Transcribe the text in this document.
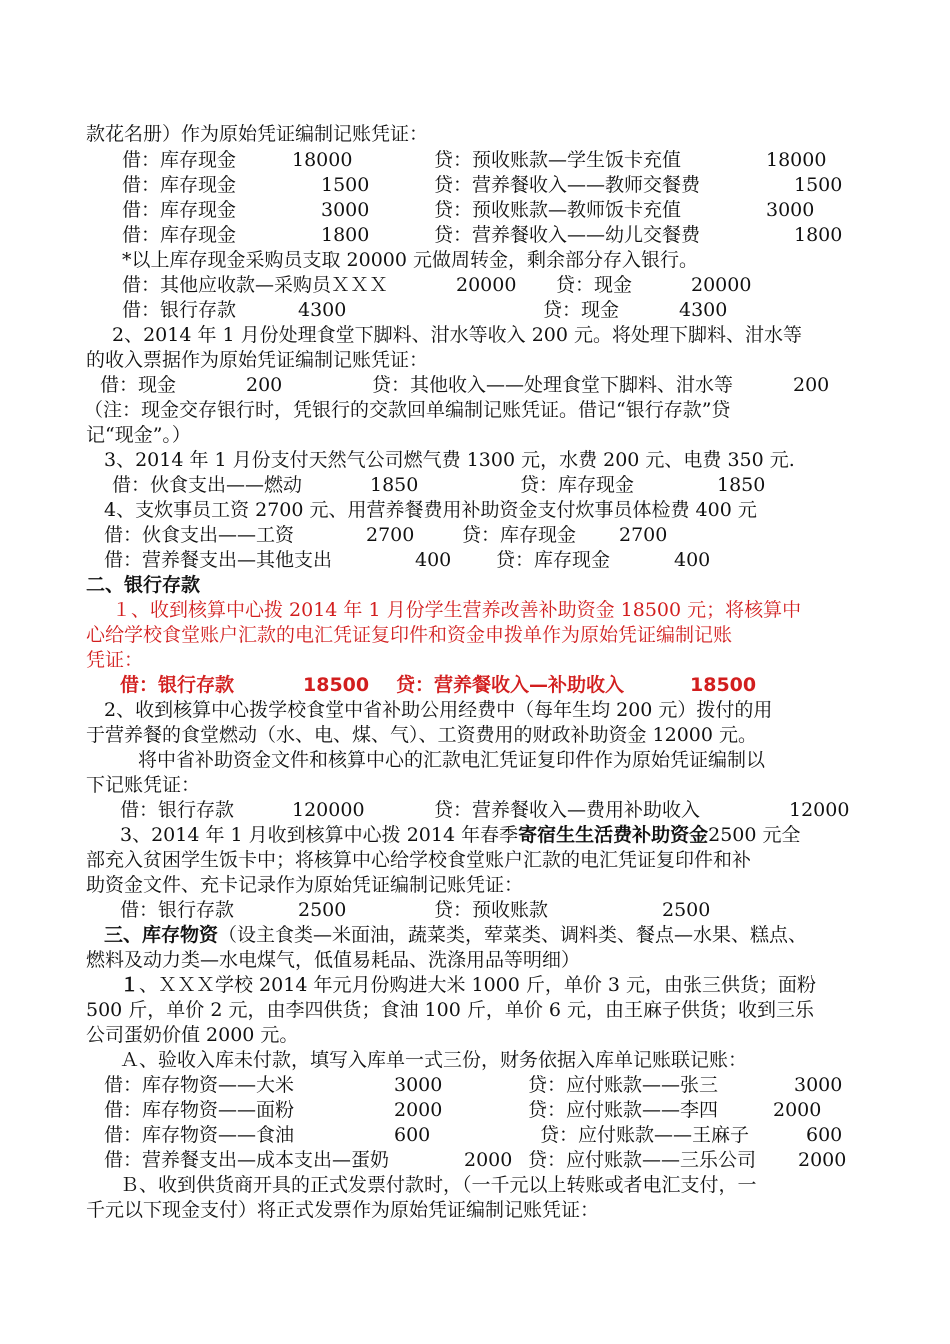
款花名册）作为原始凭证编制记账凭证：
借：库存现金	18000	贷：预收账款—学生饭卡充值	18000
借：库存现金	1500	贷：营养餐收入——教师交餐费	1500
借：库存现金	3000	贷：预收账款—教师饭卡充值	3000
借：库存现金	1800	贷：营养餐收入——幼儿交餐费	1800
*以上库存现金采购员支取 20000 元做周转金，剩余部分存入银行。
借：其他应收款—采购员ＸＸＸ	20000 贷：现金	20000
借：银行存款	4300	贷：现金	4300
2、2014 年 1 月份处理食堂下脚料、泔水等收入 200 元。将处理下脚料、泔水等
的收入票据作为原始凭证编制记账凭证：
借：现金	200	贷：其他收入——处理食堂下脚料、泔水等	200
（注：现金交存银行时，凭银行的交款回单编制记账凭证。借记“银行存款”贷
记“现金”。）
3、2014 年 1 月份支付天然气公司燃气费 1300 元，水费 200 元、电费 350 元.
借：伙食支出——燃动	1850	贷：库存现金	1850
4、支炊事员工资 2700 元、用营养餐费用补助资金支付炊事员体检费 400 元
借：伙食支出——工资	2700	贷：库存现金 2700
借：营养餐支出—其他支出	400 贷：库存现金	400
二、银行存款
１、收到核算中心拨 2014 年 1 月份学生营养改善补助资金 18500 元；将核算中
心给学校食堂账户汇款的电汇凭证复印件和资金申拨单作为原始凭证编制记账
凭证：
借：银行存款	18500 贷：营养餐收入—补助收入	18500
2、收到核算中心拨学校食堂中省补助公用经费中（每年生均 200 元）拨付的用
于营养餐的食堂燃动（水、电、煤、气）、工资费用的财政补助资金 12000 元。
将中省补助资金文件和核算中心的汇款电汇凭证复印件作为原始凭证编制以
下记账凭证：
借：银行存款	120000	贷：营养餐收入—费用补助收入	12000
3、2014 年 1 月收到核算中心拨 2014 年春季寄宿生生活费补助资金2500 元全
部充入贫困学生饭卡中；将核算中心给学校食堂账户汇款的电汇凭证复印件和补
助资金文件、充卡记录作为原始凭证编制记账凭证：
借：银行存款	2500	贷：预收账款	2500
三、库存物资（设主食类—米面油，蔬菜类，荤菜类、调料类、餐点—水果、糕点、
燃料及动力类—水电煤气，低值易耗品、洗涤用品等明细）
１、ＸＸＸ学校 2014 年元月份购进大米 1000 斤，单价 3 元，由张三供货；面粉
500 斤，单价 2 元，由李四供货；食油 100 斤，单价 6 元，由王麻子供货；收到三乐
公司蛋奶价值 2000 元。
Ａ、验收入库未付款，填写入库单一式三份，财务依据入库单记账联记账：
借：库存物资——大米	3000	贷：应付账款——张三	3000
借：库存物资——面粉	2000	贷：应付账款——李四	2000
借：库存物资——食油	600	贷：应付账款——王麻子	600
借：营养餐支出—成本支出—蛋奶	2000 贷：应付账款——三乐公司 2000
Ｂ、收到供货商开具的正式发票付款时，（一千元以上转账或者电汇支付，一
千元以下现金支付）将正式发票作为原始凭证编制记账凭证：
